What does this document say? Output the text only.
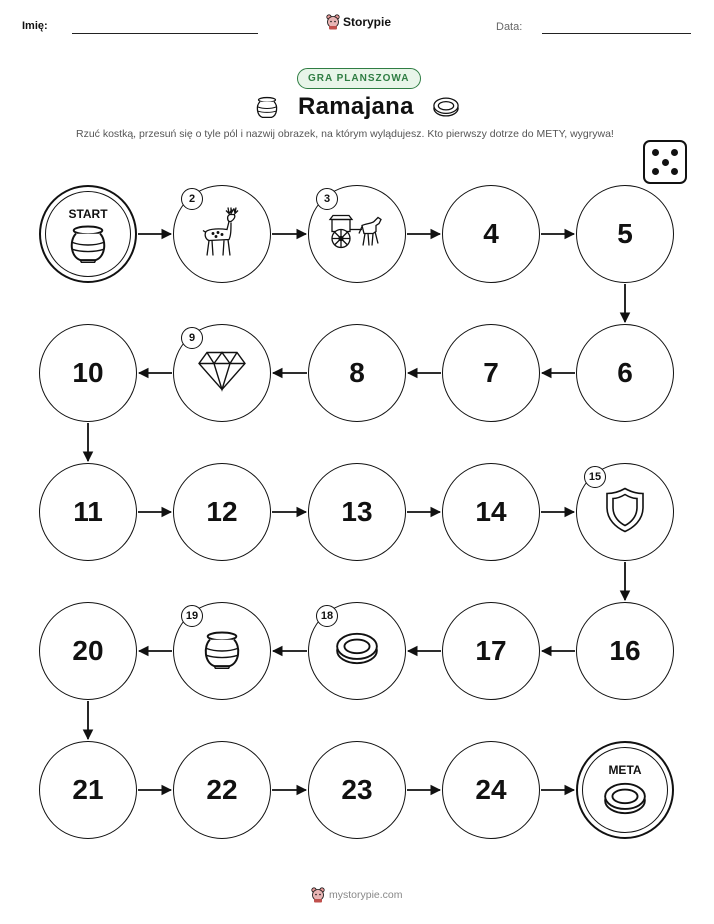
Imię:	Storypie	Data:
GRA PLANSZOWA
Ramajana
Rzuć kostką, przesuń się o tyle pól i nazwij obrazek, na którym wylądujesz. Kto pierwszy dotrze do METY, wygrywa!
START
2	3
4	5
6
7
8
9
10
11	12	13	14
15
16
17
18
19
20
21	22	23	24
META
mystorypie.com
